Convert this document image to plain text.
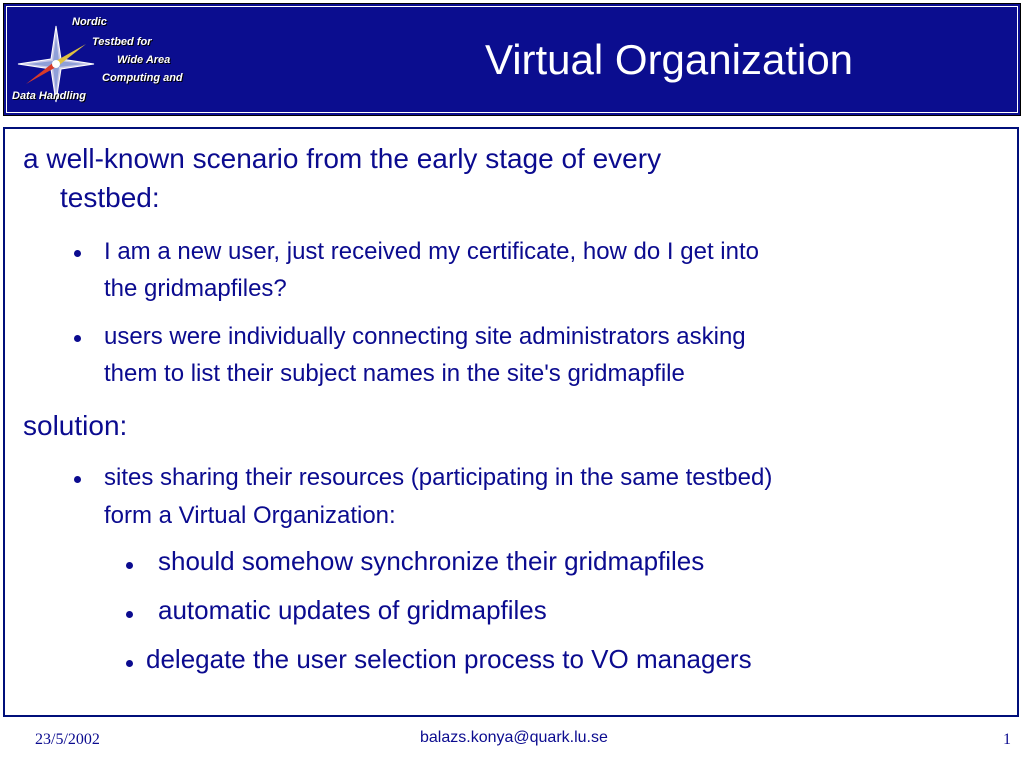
Nordic
Testbed for
Wide Area
Computing and
Data Handling
Virtual Organization
a well-known scenario from the early stage of every
testbed:
I am a new user, just received my certificate, how do I get into
the gridmapfiles?
users were individually connecting site administrators asking
them to list their subject names in the site's gridmapfile
solution:
sites sharing their resources (participating in the same testbed)
form a Virtual Organization:
should somehow synchronize their gridmapfiles
automatic updates of gridmapfiles
delegate the user selection process to VO managers
23/5/2002	balazs.konya@quark.lu.se	1
